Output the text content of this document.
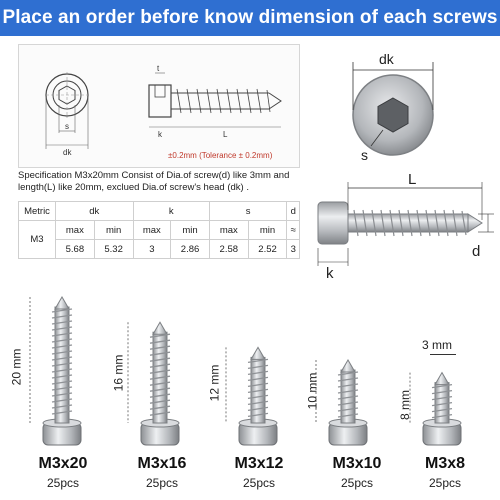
Place an order before know dimension of each screws
s
dk
t
k	L
±0.2mm (Tolerance ± 0.2mm)
Specification M3x20mm Consist of Dia.of screw(d) like 3mm and length(L) like 20mm, exclued Dia.of screw's head (dk) .
Metric	dk		k		s		d
M3	max	min	max	min	max	min	≈
	5.68	5.32	3	2.86	2.58	2.52	3
dk
s
L
d
k
20 mm	16 mm	12 mm	10 mm	8 mm
3 mm
M3x20	M3x16	M3x12	M3x10	M3x8
25pcs	25pcs	25pcs	25pcs	25pcs
